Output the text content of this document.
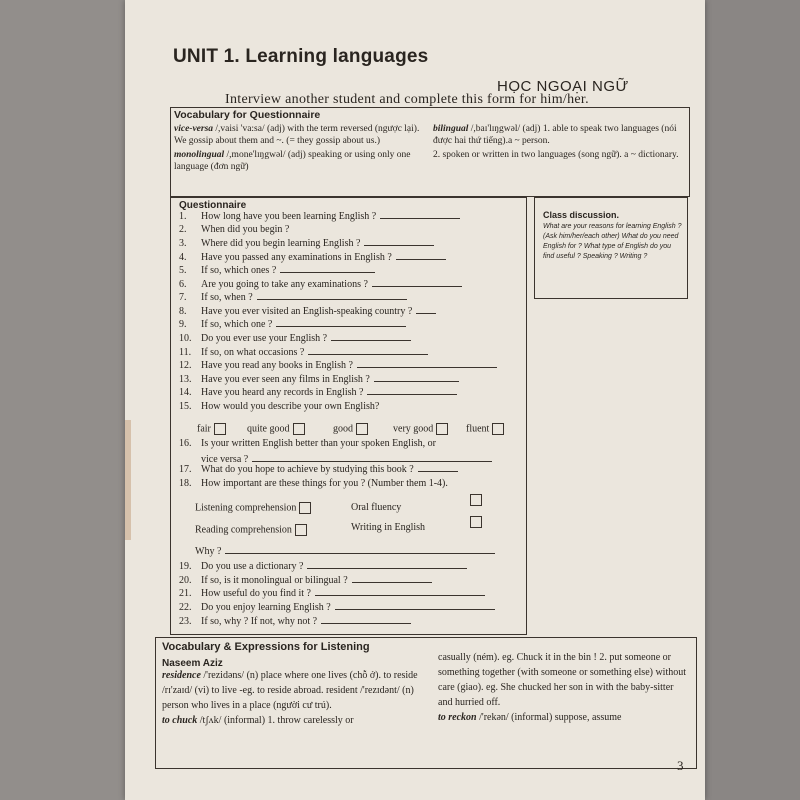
UNIT 1. Learning languages
HỌC NGOẠI NGỮ
Interview another student and complete this form for him/her.
Vocabulary for Questionnaire
vice-versa /,vaisi 'va:sa/ (adj) with the term reversed (ngược lại). We gossip about them and ~. (= they gossip about us.)
monolingual /,mone'lɪŋgwəl/ (adj) speaking or using only one language (đơn ngữ)
bilingual /,baɪ'lɪŋgwəl/ (adj) 1. able to speak two languages (nói được hai thứ tiếng).a ~ person.
2. spoken or written in two languages (song ngữ). a ~ dictionary.
Questionnaire
1. How long have you been learning English ?
2. When did you begin ?
3. Where did you begin learning English ?
4. Have you passed any examinations in English ?
5. If so, which ones ?
6. Are you going to take any examinations ?
7. If so, when ?
8. Have you ever visited an English-speaking country ?
9. If so, which one ?
10. Do you ever use your English ?
11. If so, on what occasions ?
12. Have you read any books in English ?
13. Have you ever seen any films in English ?
14. Have you heard any records in English ?
15. How would you describe your own English?
16. Is your written English better than your spoken English, or
17. What do you hope to achieve by studying this book ?
18. How important are these things for you ? (Number them 1-4).
19. Do you use a dictionary ?
20. If so, is it monolingual or bilingual ?
21. How useful do you find it ?
22. Do you enjoy learning English ?
23. If so, why ? If not, why not ?
fair	quite good	good	very good	fluent
vice versa ?
Listening comprehension	Oral fluency
Reading comprehension	Writing in English
Why ?
Class discussion.
What are your reasons for learning English ? (Ask him/her/each other) What do you need English for ? What type of English do you find useful ? Speaking ? Writing ?
Vocabulary & Expressions for Listening
Naseem Aziz
residence /'rezidəns/ (n) place where one lives (chỗ ở). to reside /rɪ'zaɪd/ (vi) to live -eg. to reside abroad. resident /'rezɪdənt/ (n) person who lives in a place (người cư trú).
to chuck /tʃʌk/ (informal) 1. throw carelessly or
casually (ném). eg. Chuck it in the bin ! 2. put someone or something together (with someone or something else) without care (giao). eg. She chucked her son in with the baby-sitter and hurried off.
to reckon /'rekən/ (informal) suppose, assume
3
